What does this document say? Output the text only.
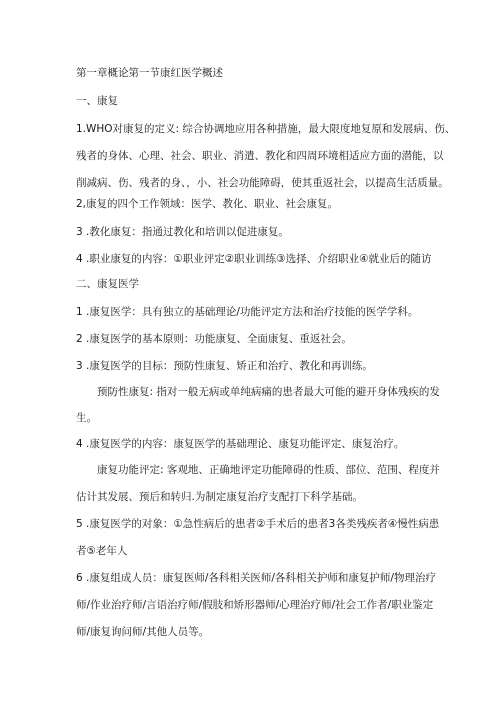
第一章概论第一节康红医学概述
一、康复
1.WHO对康复的定义: 综合协调地应用各种措施，最大限度地复原和发展病、伤、
残者的身体、心理、社会、职业、消遣、教化和四周环境相适应方面的潜能，以
削减病、伤、残者的身、，小、社会功能障碍，使其重返社会，以提高生活质量。
2,康复的四个工作领域：医学、教化、职业、社会康复。
3 .教化康复：指通过教化和培训以促进康复。
4 .职业康复的内容：①职业评定②职业训练③选择、介绍职业④就业后的随访
二、康复医学
1 .康复医学：具有独立的基础理论/功能评定方法和治疗技能的医学学科。
2 .康复医学的基本原则：功能康复、全面康复、重返社会。
3 .康复医学的目标：预防性康复、矫正和治疗、教化和再训练。
预防性康复: 指对一般无病或单纯病痛的患者最大可能的避开身体残疾的发
生。
4 .康复医学的内容：康复医学的基础理论、康复功能评定、康复治疗。
康复功能评定: 客观地、正确地评定功能障碍的性质、部位、范围、程度并
估计其发展、预后和转归.为制定康复治疗支配打下科学基础。
5 .康复医学的对象：①急性病后的患者②手术后的患者3各类残疾者④慢性病患
者⑤老年人
6 .康复组成人员：康复医师/各科相关医师/各科相关护师和康复护师/物理治疗
师/作业治疗师/言语治疗师/假肢和矫形器师/心理治疗师/社会工作者/职业鉴定
师/康复询问师/其他人员等。
